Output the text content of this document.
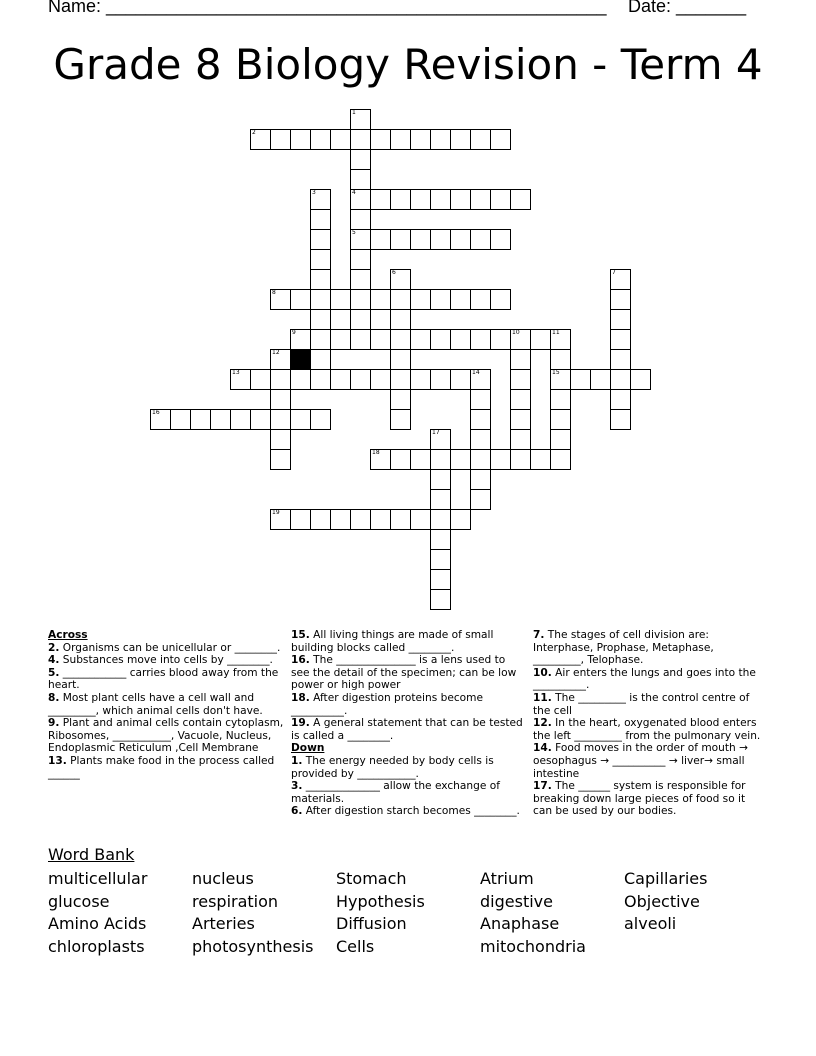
Name: __________________________________________________ Date: _______
Grade 8 Biology Revision - Term 4
1
4
5
2
3
6	7
8
9	10	11
15
12
13	14
16
17
18
19
Across
2. Organisms can be unicellular or ________.
4. Substances move into cells by ________.
5. ____________ carries blood away from the heart.
8. Most plant cells have a cell wall and _________, which animal cells don't have.
9. Plant and animal cells contain cytoplasm, Ribosomes, ___________, Vacuole, Nucleus, Endoplasmic Reticulum ,Cell Membrane
13. Plants make food in the process called ______
15. All living things are made of small building blocks called ________.
16. The _______________ is a lens used to see the detail of the specimen; can be low power or high power
18. After digestion proteins become __________.
19. A general statement that can be tested is called a ________.
Down
1. The energy needed by body cells is provided by ___________.
3. ______________ allow the exchange of materials.
6. After digestion starch becomes ________.
7. The stages of cell division are: Interphase, Prophase, Metaphase, _________, Telophase.
10. Air enters the lungs and goes into the __________.
11. The _________ is the control centre of the cell
12. In the heart, oxygenated blood enters the left _________ from the pulmonary vein.
14. Food moves in the order of mouth → oesophagus → __________ → liver→ small intestine
17. The ______ system is responsible for breaking down large pieces of food so it can be used by our bodies.
Word Bank
multicellular
glucose
Amino Acids
chloroplasts
nucleus
respiration
Arteries
photosynthesis
Stomach
Hypothesis
Diffusion
Cells
Atrium
digestive
Anaphase
mitochondria
Capillaries
Objective
alveoli
